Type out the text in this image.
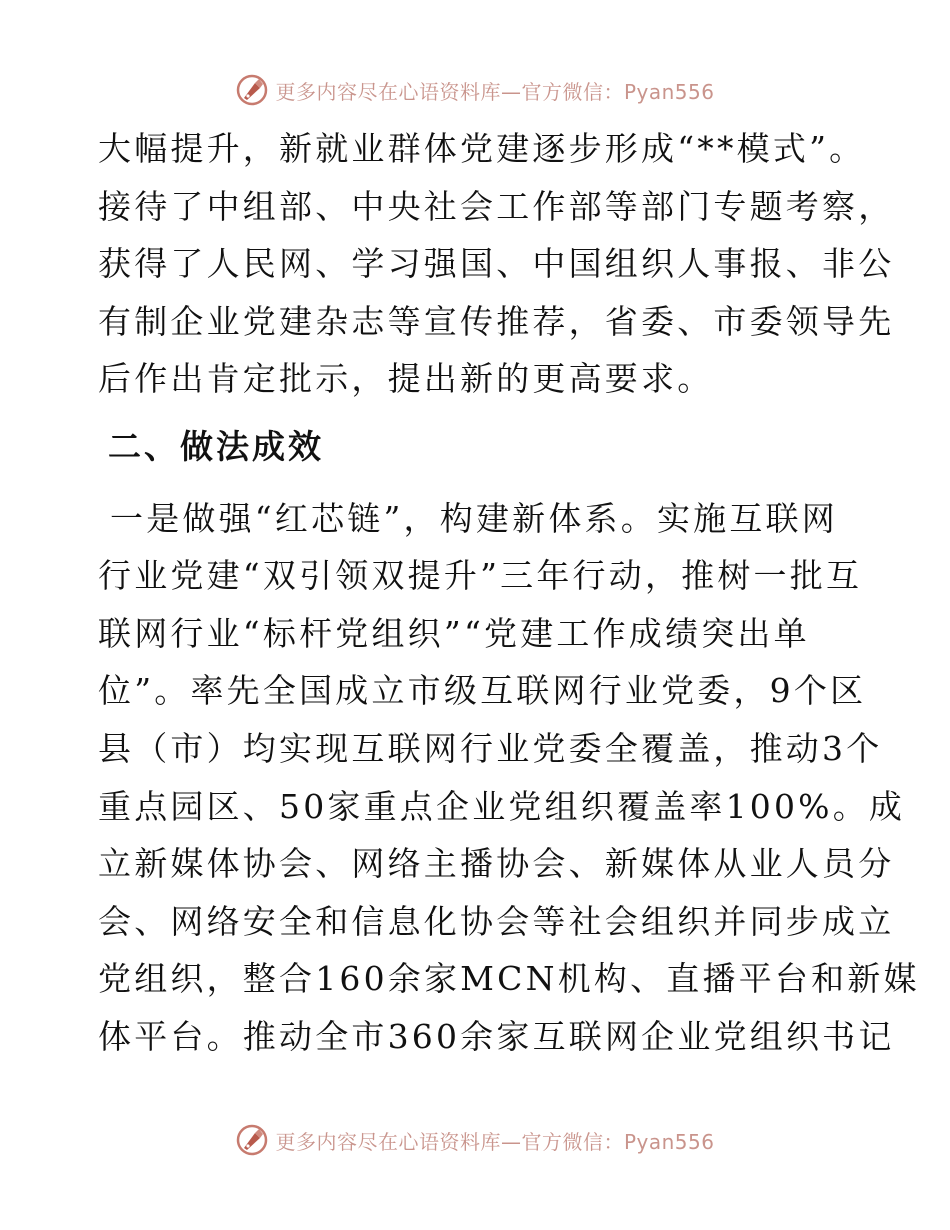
更多内容尽在心语资料库—官方微信：Pyan556

大幅提升，新就业群体党建逐步形成“**模式”。

接待了中组部、中央社会工作部等部门专题考察，

获得了人民网、学习强国、中国组织人事报、非公

有制企业党建杂志等宣传推荐，省委、市委领导先

后作出肯定批示，提出新的更高要求。

二、做法成效

一是做强“红芯链”，构建新体系。实施互联网

行业党建“双引领双提升”三年行动，推树一批互

联网行业“标杆党组织”“党建工作成绩突出单

位”。率先全国成立市级互联网行业党委，9个区

县（市）均实现互联网行业党委全覆盖，推动3个

重点园区、50家重点企业党组织覆盖率100%。成

立新媒体协会、网络主播协会、新媒体从业人员分

会、网络安全和信息化协会等社会组织并同步成立

党组织，整合160余家MCN机构、直播平台和新媒

体平台。推动全市360余家互联网企业党组织书记

更多内容尽在心语资料库—官方微信：Pyan556
